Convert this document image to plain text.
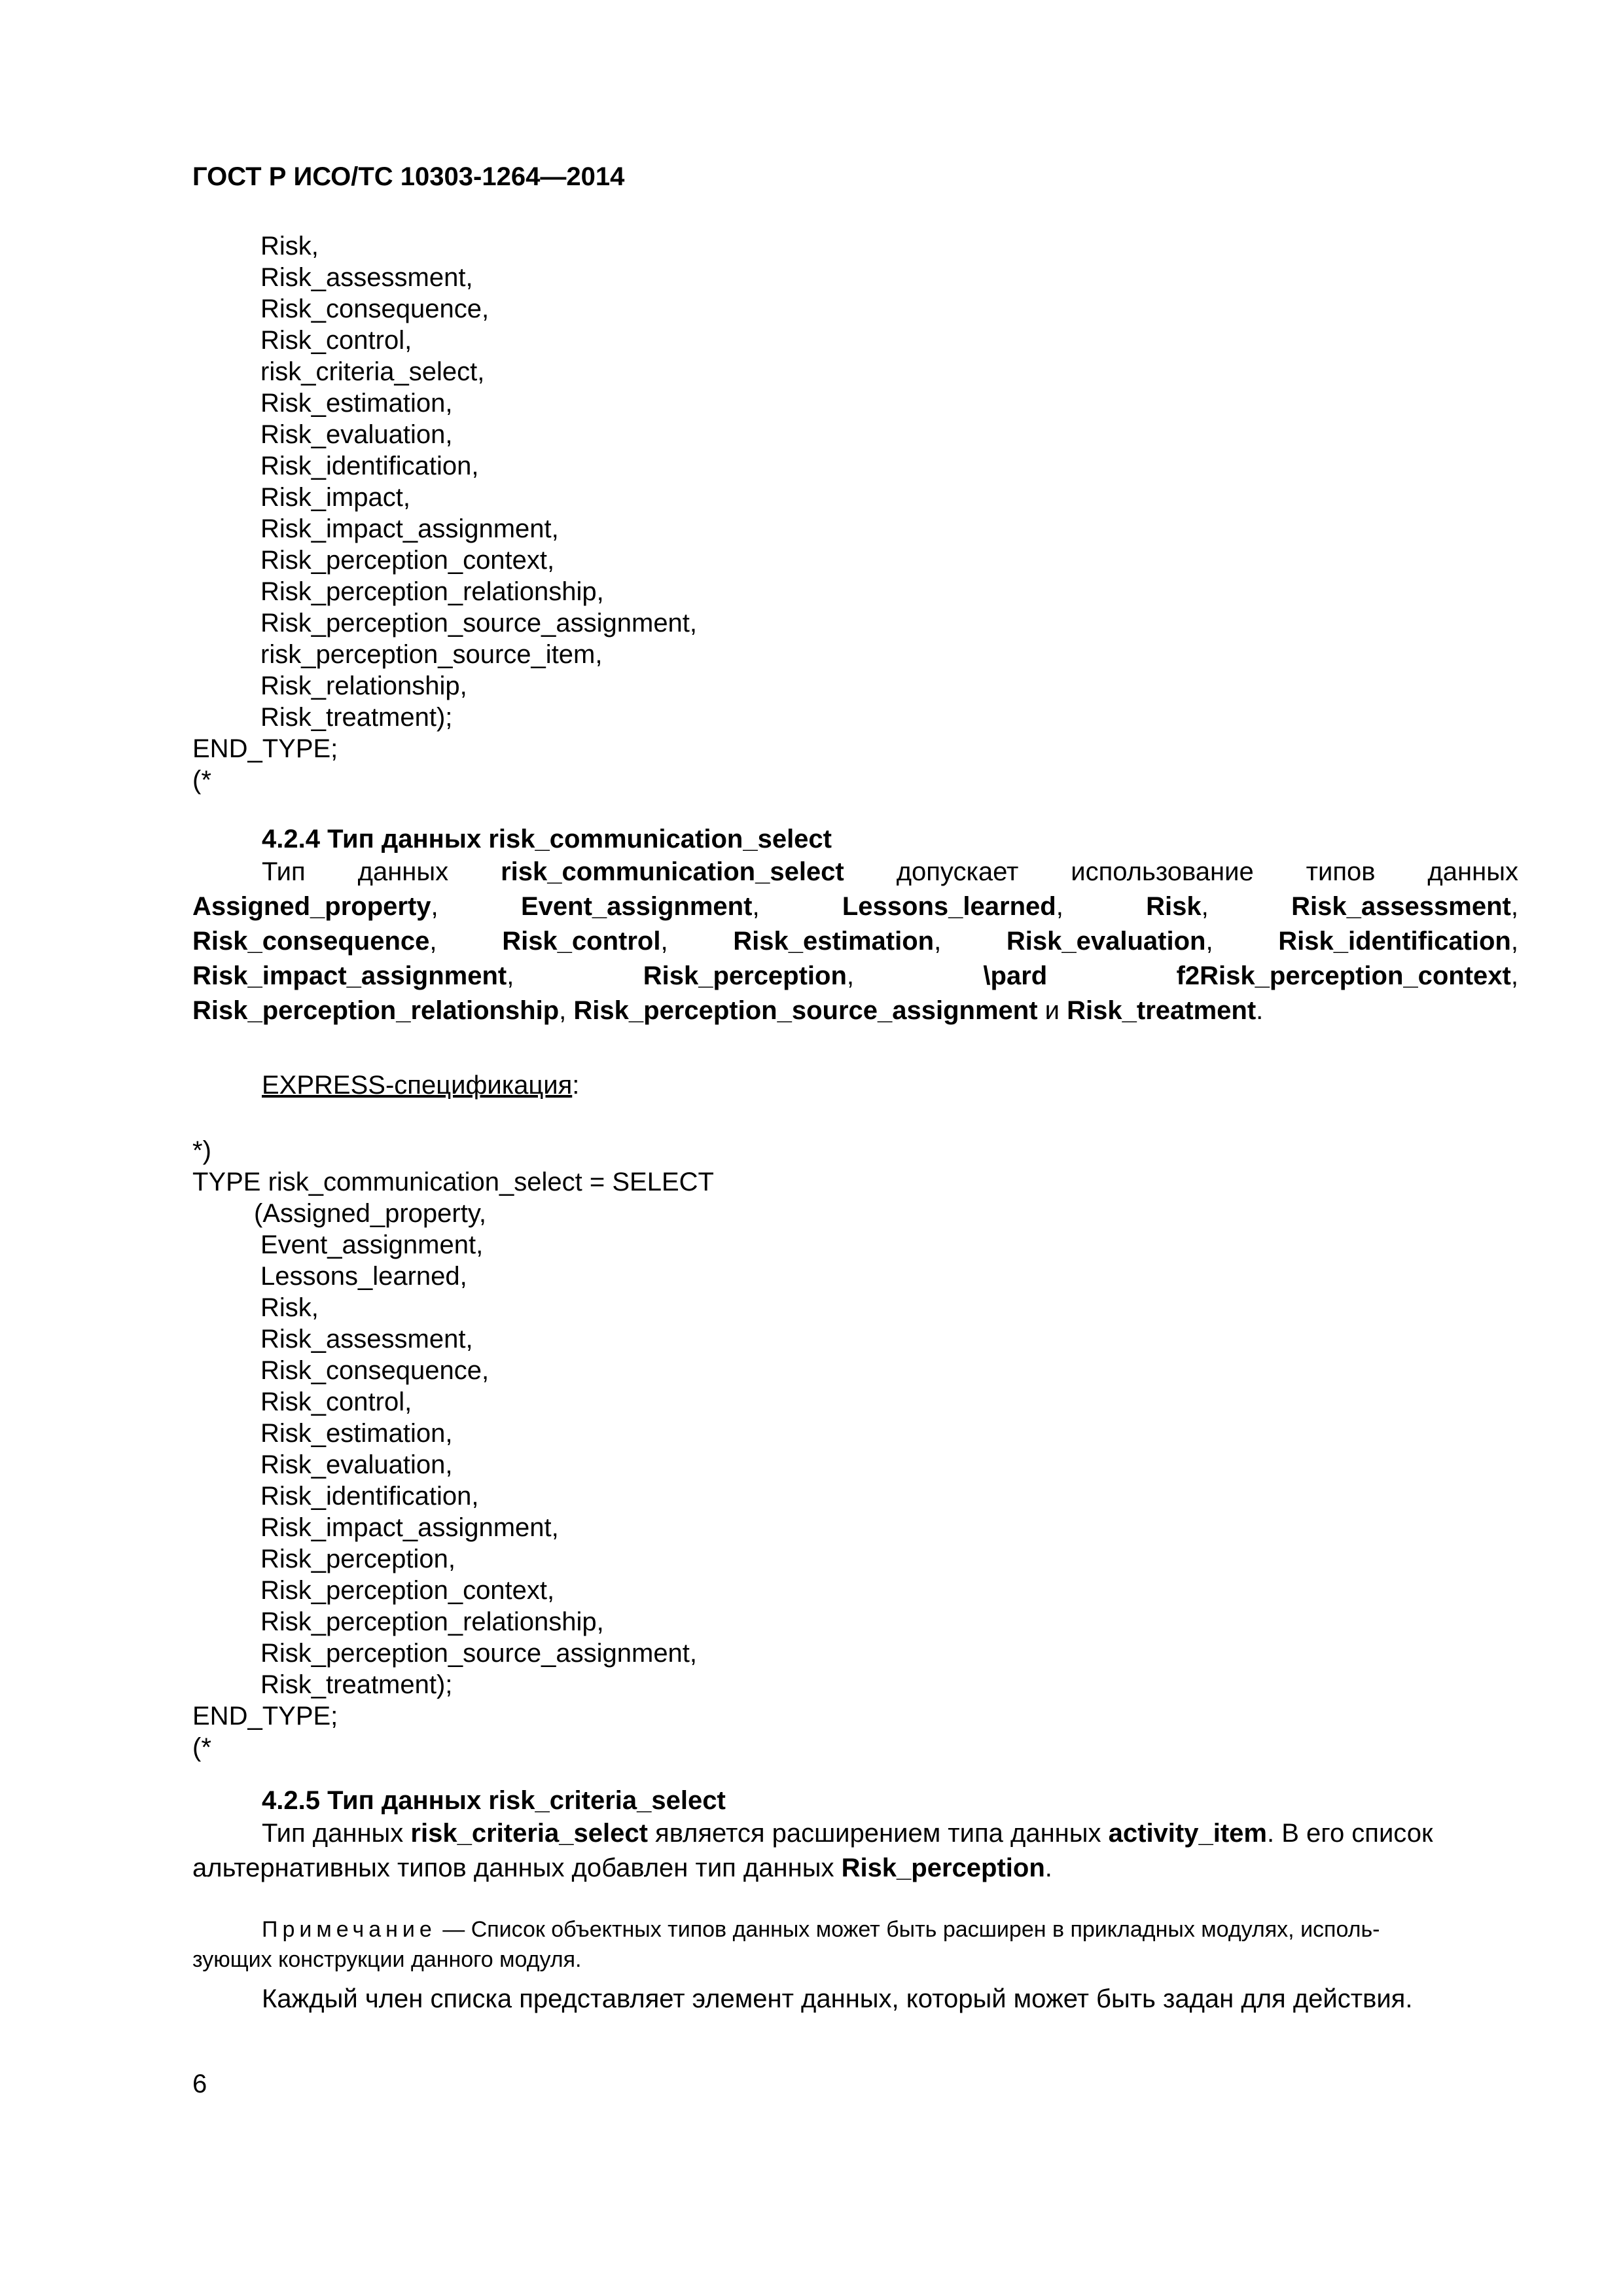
ГОСТ Р ИСО/ТС 10303-1264—2014
Risk,
Risk_assessment,
Risk_consequence,
Risk_control,
risk_criteria_select,
Risk_estimation,
Risk_evaluation,
Risk_identification,
Risk_impact,
Risk_impact_assignment,
Risk_perception_context,
Risk_perception_relationship,
Risk_perception_source_assignment,
risk_perception_source_item,
Risk_relationship,
Risk_treatment);
END_TYPE;
(*
4.2.4 Тип данных risk_communication_select
Тип данных risk_communication_select допускает использование типов данных
Assigned_property,	Event_assignment,	Lessons_learned,	Risk,	Risk_assessment,
Risk_consequence, Risk_control, Risk_estimation, Risk_evaluation, Risk_identification,
Risk_impact_assignment,	Risk_perception,	\pard	f2Risk_perception_context,
Risk_perception_relationship, Risk_perception_source_assignment и Risk_treatment.
EXPRESS-спецификация:
*)
TYPE risk_communication_select = SELECT
(Assigned_property,
Event_assignment,
Lessons_learned,
Risk,
Risk_assessment,
Risk_consequence,
Risk_control,
Risk_estimation,
Risk_evaluation,
Risk_identification,
Risk_impact_assignment,
Risk_perception,
Risk_perception_context,
Risk_perception_relationship,
Risk_perception_source_assignment,
Risk_treatment);
END_TYPE;
(*
4.2.5 Тип данных risk_criteria_select
Тип данных risk_criteria_select является расширением типа данных activity_item. В его список
альтернативных типов данных добавлен тип данных Risk_perception.
Примечание — Список объектных типов данных может быть расширен в прикладных модулях, исполь-
зующих конструкции данного модуля.
Каждый член списка представляет элемент данных, который может быть задан для действия.
6
